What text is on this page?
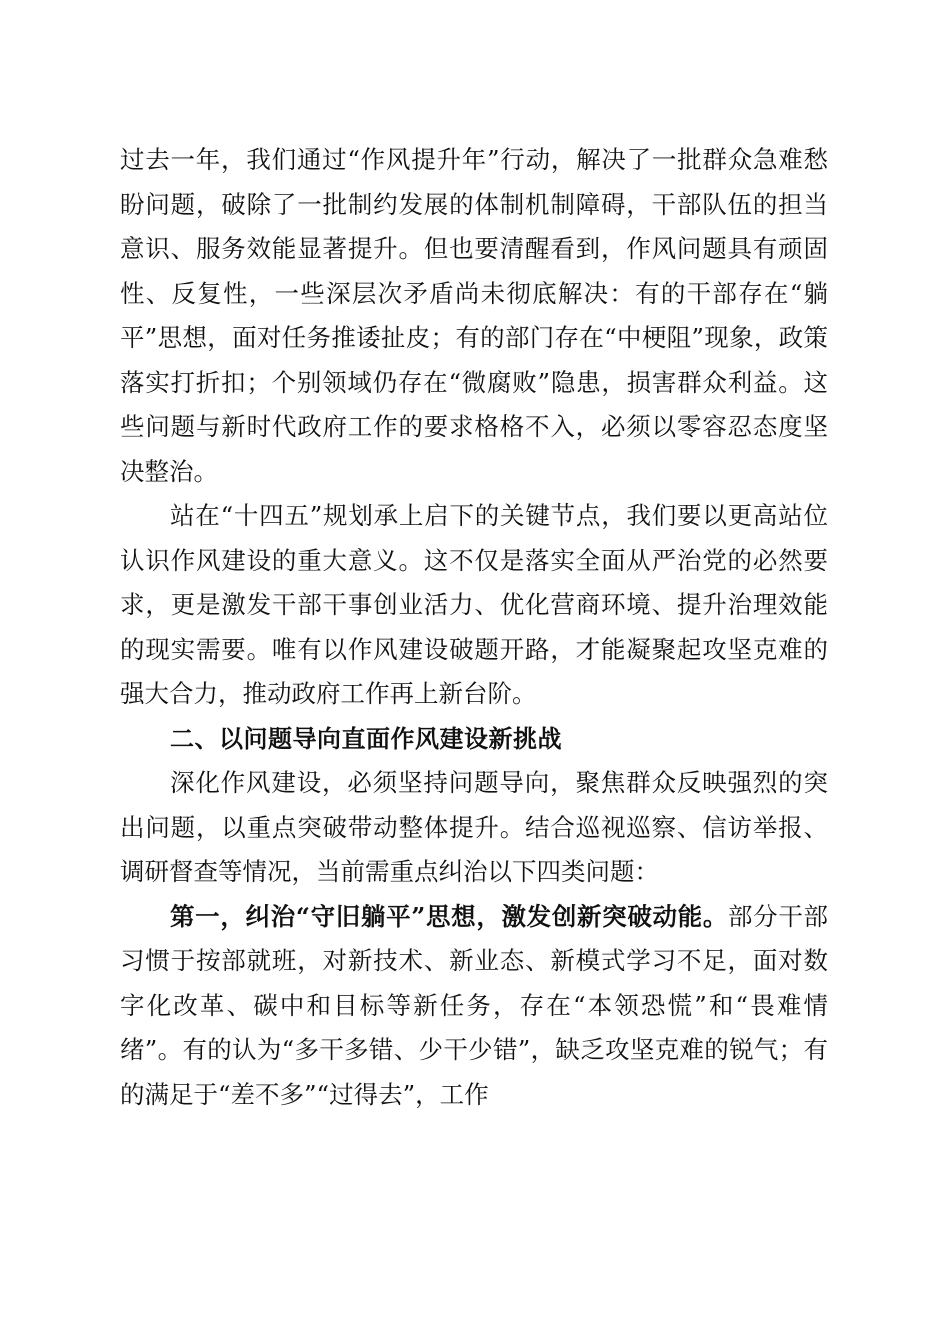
过去一年，我们通过“作风提升年”行动，解决了一批群众急难愁盼问题，破除了一批制约发展的体制机制障碍，干部队伍的担当意识、服务效能显著提升。但也要清醒看到，作风问题具有顽固性、反复性，一些深层次矛盾尚未彻底解决：有的干部存在“躺平”思想，面对任务推诿扯皮；有的部门存在“中梗阻”现象，政策落实打折扣；个别领域仍存在“微腐败”隐患，损害群众利益。这些问题与新时代政府工作的要求格格不入，必须以零容忍态度坚决整治。

站在“十四五”规划承上启下的关键节点，我们要以更高站位认识作风建设的重大意义。这不仅是落实全面从严治党的必然要求，更是激发干部干事创业活力、优化营商环境、提升治理效能的现实需要。唯有以作风建设破题开路，才能凝聚起攻坚克难的强大合力，推动政府工作再上新台阶。

二、以问题导向直面作风建设新挑战

深化作风建设，必须坚持问题导向，聚焦群众反映强烈的突出问题，以重点突破带动整体提升。结合巡视巡察、信访举报、调研督查等情况，当前需重点纠治以下四类问题：

第一，纠治“守旧躺平”思想，激发创新突破动能。部分干部习惯于按部就班，对新技术、新业态、新模式学习不足，面对数字化改革、碳中和目标等新任务，存在“本领恐慌”和“畏难情绪”。有的认为“多干多错、少干少错”，缺乏攻坚克难的锐气；有的满足于“差不多”“过得去”，工作
